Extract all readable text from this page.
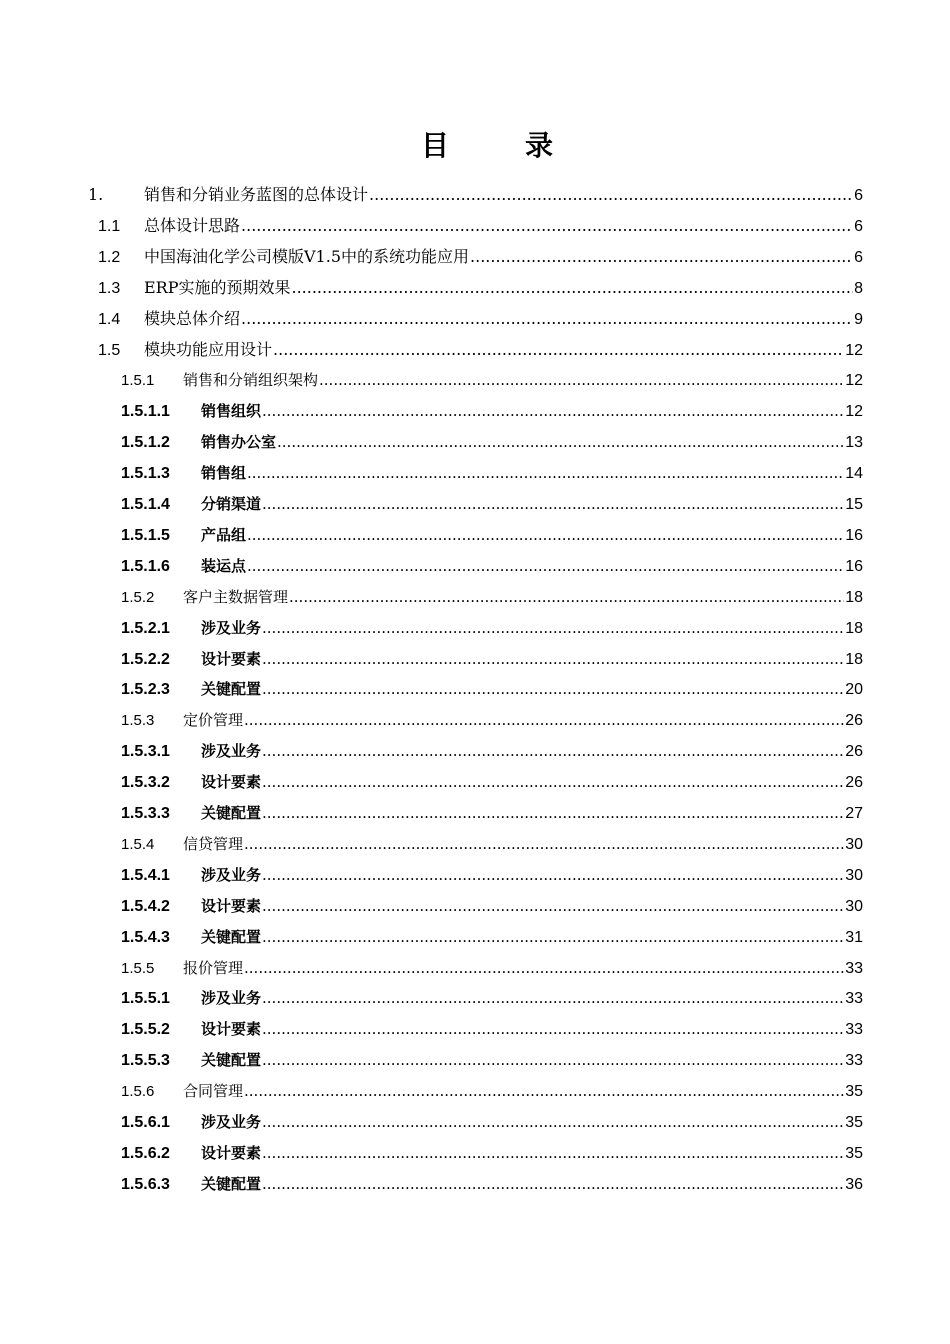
目　录
1.	销售和分销业务蓝图的总体设计 .....	6
1.1	总体设计思路 .....	6
1.2	中国海油化学公司模版V1.5中的系统功能应用 .....	6
1.3	ERP实施的预期效果 .....	8
1.4	模块总体介绍 .....	9
1.5	模块功能应用设计 .....	12
1.5.1	销售和分销组织架构 .....	12
1.5.1.1	销售组织 .....	12
1.5.1.2	销售办公室 .....	13
1.5.1.3	销售组 .....	14
1.5.1.4	分销渠道 .....	15
1.5.1.5	产品组 .....	16
1.5.1.6	装运点 .....	16
1.5.2	客户主数据管理 .....	18
1.5.2.1	涉及业务 .....	18
1.5.2.2	设计要素 .....	18
1.5.2.3	关键配置 .....	20
1.5.3	定价管理 .....	26
1.5.3.1	涉及业务 .....	26
1.5.3.2	设计要素 .....	26
1.5.3.3	关键配置 .....	27
1.5.4	信贷管理 .....	30
1.5.4.1	涉及业务 .....	30
1.5.4.2	设计要素 .....	30
1.5.4.3	关键配置 .....	31
1.5.5	报价管理 .....	33
1.5.5.1	涉及业务 .....	33
1.5.5.2	设计要素 .....	33
1.5.5.3	关键配置 .....	33
1.5.6	合同管理 .....	35
1.5.6.1	涉及业务 .....	35
1.5.6.2	设计要素 .....	35
1.5.6.3	关键配置 .....	36
